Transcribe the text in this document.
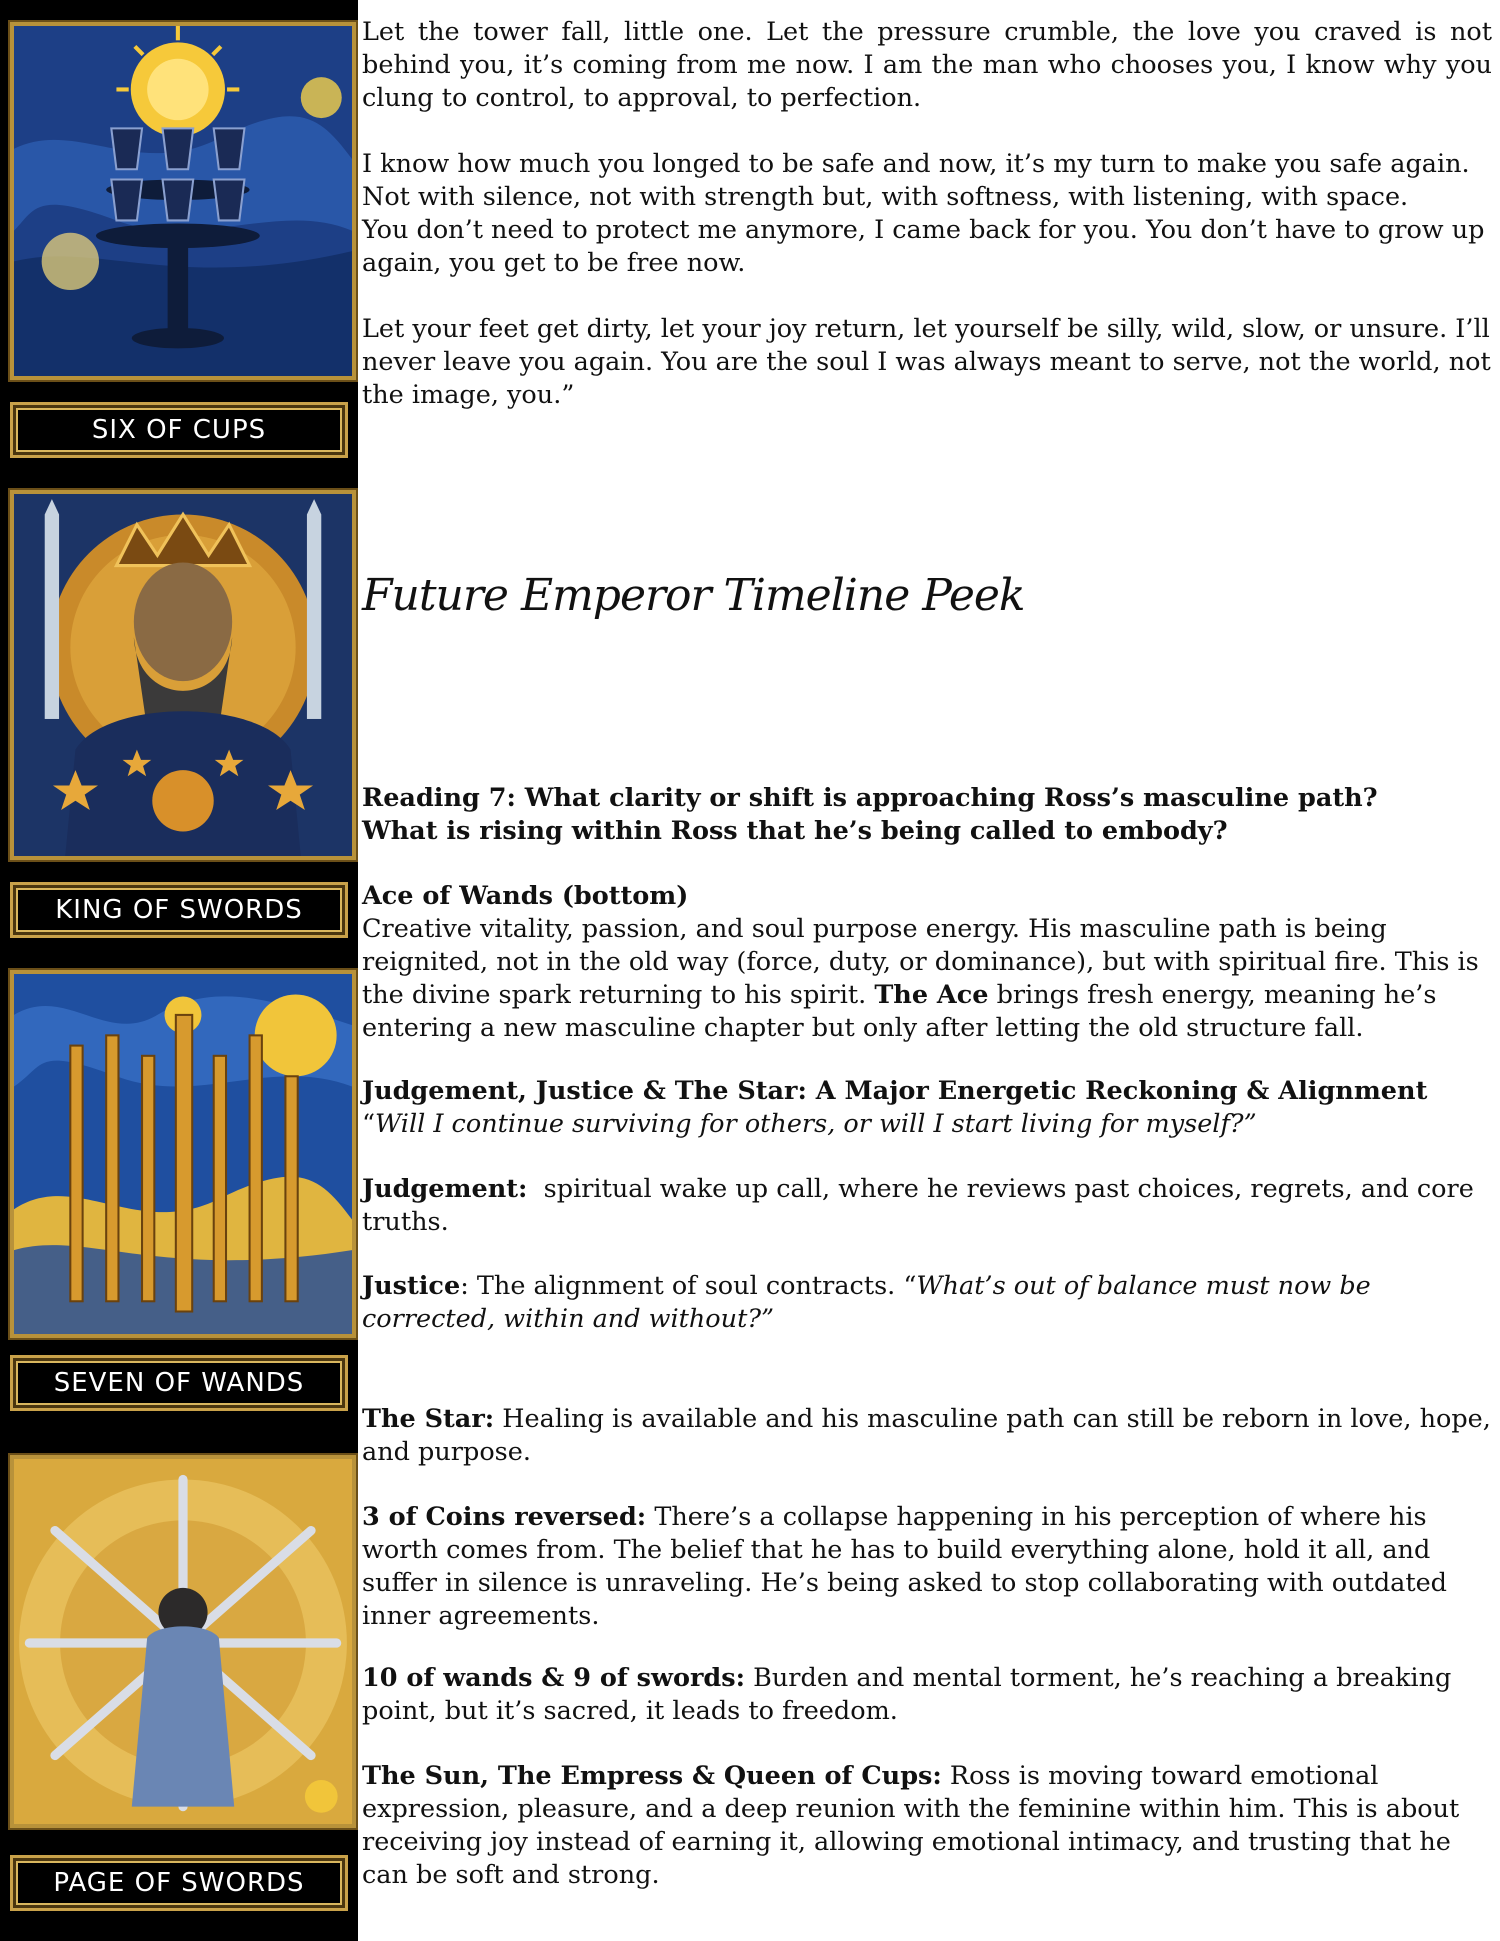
SIX OF CUPS
KING OF SWORDS
SEVEN OF WANDS
PAGE OF SWORDS

Let the tower fall, little one. Let the pressure crumble, the love you craved is not behind you, it’s coming from me now. I am the man who chooses you, I know why you clung to control, to approval, to perfection.

I know how much you longed to be safe and now, it’s my turn to make you safe again.

Not with silence, not with strength but, with softness, with listening, with space.

You don’t need to protect me anymore, I came back for you. You don’t have to grow up again, you get to be free now.

Let your feet get dirty, let your joy return, let yourself be silly, wild, slow, or unsure. I’ll never leave you again. You are the soul I was always meant to serve, not the world, not the image, you.”

Future Emperor Timeline Peek

Reading 7: What clarity or shift is approaching Ross’s masculine path?

What is rising within Ross that he’s being called to embody?

Ace of Wands (bottom)

Creative vitality, passion, and soul purpose energy. His masculine path is being reignited, not in the old way (force, duty, or dominance), but with spiritual fire. This is the divine spark returning to his spirit. The Ace brings fresh energy, meaning he’s entering a new masculine chapter but only after letting the old structure fall.

Judgement, Justice & The Star: A Major Energetic Reckoning & Alignment

“Will I continue surviving for others, or will I start living for myself?”

Judgement: spiritual wake up call, where he reviews past choices, regrets, and core truths.

Justice: The alignment of soul contracts. “What’s out of balance must now be corrected, within and without?”

The Star: Healing is available and his masculine path can still be reborn in love, hope, and purpose.

3 of Coins reversed: There’s a collapse happening in his perception of where his worth comes from. The belief that he has to build everything alone, hold it all, and suffer in silence is unraveling. He’s being asked to stop collaborating with outdated inner agreements.

10 of wands & 9 of swords: Burden and mental torment, he’s reaching a breaking point, but it’s sacred, it leads to freedom.

The Sun, The Empress & Queen of Cups: Ross is moving toward emotional expression, pleasure, and a deep reunion with the feminine within him. This is about receiving joy instead of earning it, allowing emotional intimacy, and trusting that he can be soft and strong.
